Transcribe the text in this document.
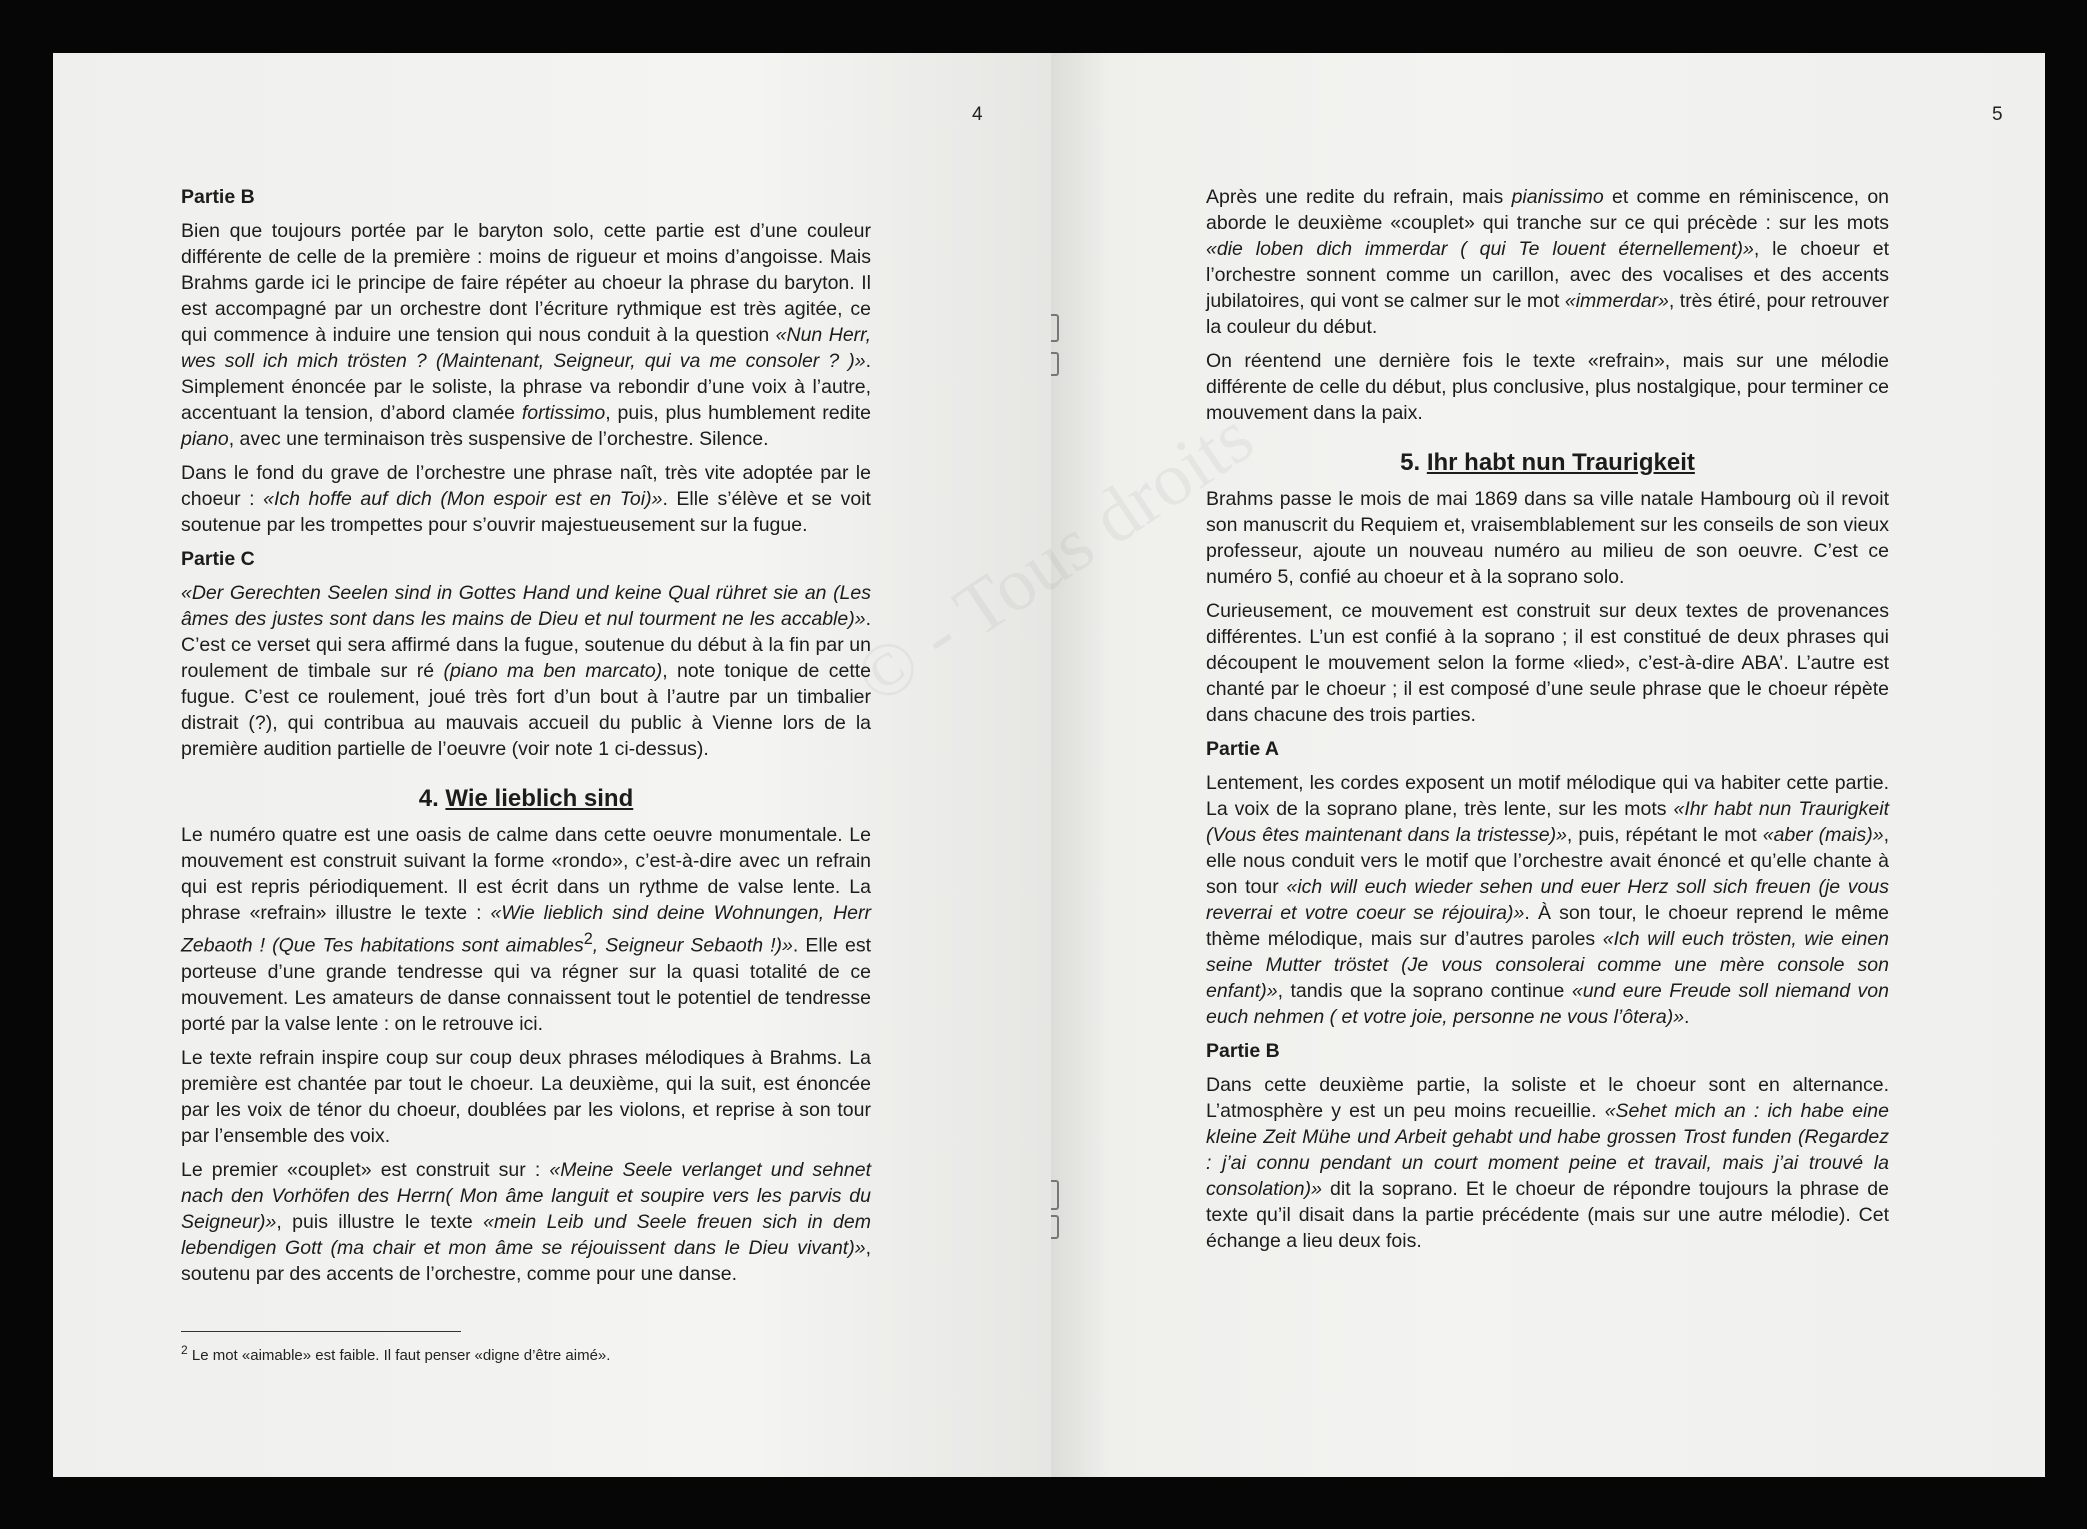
4	5
Partie B

Bien que toujours portée par le baryton solo, cette partie est d’une couleur différente de celle de la première : moins de rigueur et moins d’angoisse. Mais Brahms garde ici le principe de faire répéter au choeur la phrase du baryton. Il est accompagné par un orchestre dont l’écriture rythmique est très agitée, ce qui commence à induire une tension qui nous conduit à la question «Nun Herr, wes soll ich mich trösten ? (Maintenant, Seigneur, qui va me consoler ? )». Simplement énoncée par le soliste, la phrase va rebondir d’une voix à l’autre, accentuant la tension, d’abord clamée fortissimo, puis, plus humblement redite piano, avec une terminaison très suspensive de l’orchestre. Silence.

Dans le fond du grave de l’orchestre une phrase naît, très vite adoptée par le choeur : «Ich hoffe auf dich (Mon espoir est en Toi)». Elle s’élève et se voit soutenue par les trompettes pour s’ouvrir majestueusement sur la fugue.

Partie C

«Der Gerechten Seelen sind in Gottes Hand und keine Qual rühret sie an (Les âmes des justes sont dans les mains de Dieu et nul tourment ne les accable)». C’est ce verset qui sera affirmé dans la fugue, soutenue du début à la fin par un roulement de timbale sur ré (piano ma ben marcato), note tonique de cette fugue. C’est ce roulement, joué très fort d’un bout à l’autre par un timbalier distrait (?), qui contribua au mauvais accueil du public à Vienne lors de la première audition partielle de l’oeuvre (voir note 1 ci-dessus).

4. Wie lieblich sind

Le numéro quatre est une oasis de calme dans cette oeuvre monumentale. Le mouvement est construit suivant la forme «rondo», c’est-à-dire avec un refrain qui est repris périodiquement. Il est écrit dans un rythme de valse lente. La phrase «refrain» illustre le texte : «Wie lieblich sind deine Wohnungen, Herr Zebaoth ! (Que Tes habitations sont aimables$^2$, Seigneur Sebaoth !)». Elle est porteuse d’une grande tendresse qui va régner sur la quasi totalité de ce mouvement. Les amateurs de danse connaissent tout le potentiel de tendresse porté par la valse lente : on le retrouve ici.

Le texte refrain inspire coup sur coup deux phrases mélodiques à Brahms. La première est chantée par tout le choeur. La deuxième, qui la suit, est énoncée par les voix de ténor du choeur, doublées par les violons, et reprise à son tour par l’ensemble des voix.

Le premier «couplet» est construit sur : «Meine Seele verlanget und sehnet nach den Vorhöfen des Herrn( Mon âme languit et soupire vers les parvis du Seigneur)», puis illustre le texte «mein Leib und Seele freuen sich in dem lebendigen Gott (ma chair et mon âme se réjouissent dans le Dieu vivant)», soutenu par des accents de l’orchestre, comme pour une danse.

$^2$ Le mot «aimable» est faible. Il faut penser «digne d’être aimé».

Après une redite du refrain, mais pianissimo et comme en réminiscence, on aborde le deuxième «couplet» qui tranche sur ce qui précède : sur les mots «die loben dich immerdar ( qui Te louent éternellement)», le choeur et l’orchestre sonnent comme un carillon, avec des vocalises et des accents jubilatoires, qui vont se calmer sur le mot «immerdar», très étiré, pour retrouver la couleur du début.

On réentend une dernière fois le texte «refrain», mais sur une mélodie différente de celle du début, plus conclusive, plus nostalgique, pour terminer ce mouvement dans la paix.

5. Ihr habt nun Traurigkeit

Brahms passe le mois de mai 1869 dans sa ville natale Hambourg où il revoit son manuscrit du Requiem et, vraisemblablement sur les conseils de son vieux professeur, ajoute un nouveau numéro au milieu de son oeuvre. C’est ce numéro 5, confié au choeur et à la soprano solo.

Curieusement, ce mouvement est construit sur deux textes de provenances différentes. L’un est confié à la soprano ; il est constitué de deux phrases qui découpent le mouvement selon la forme «lied», c’est-à-dire ABA’. L’autre est chanté par le choeur ; il est composé d’une seule phrase que le choeur répète dans chacune des trois parties.

Partie A

Lentement, les cordes exposent un motif mélodique qui va habiter cette partie. La voix de la soprano plane, très lente, sur les mots «Ihr habt nun Traurigkeit (Vous êtes maintenant dans la tristesse)», puis, répétant le mot «aber (mais)», elle nous conduit vers le motif que l’orchestre avait énoncé et qu’elle chante à son tour «ich will euch wieder sehen und euer Herz soll sich freuen (je vous reverrai et votre coeur se réjouira)». À son tour, le choeur reprend le même thème mélodique, mais sur d’autres paroles «Ich will euch trösten, wie einen seine Mutter tröstet (Je vous consolerai comme une mère console son enfant)», tandis que la soprano continue «und eure Freude soll niemand von euch nehmen ( et votre joie, personne ne vous l’ôtera)».

Partie B

Dans cette deuxième partie, la soliste et le choeur sont en alternance. L’atmosphère y est un peu moins recueillie. «Sehet mich an : ich habe eine kleine Zeit Mühe und Arbeit gehabt und habe grossen Trost funden (Regardez : j’ai connu pendant un court moment peine et travail, mais j’ai trouvé la consolation)» dit la soprano. Et le choeur de répondre toujours la phrase de texte qu’il disait dans la partie précédente (mais sur une autre mélodie). Cet échange a lieu deux fois.
